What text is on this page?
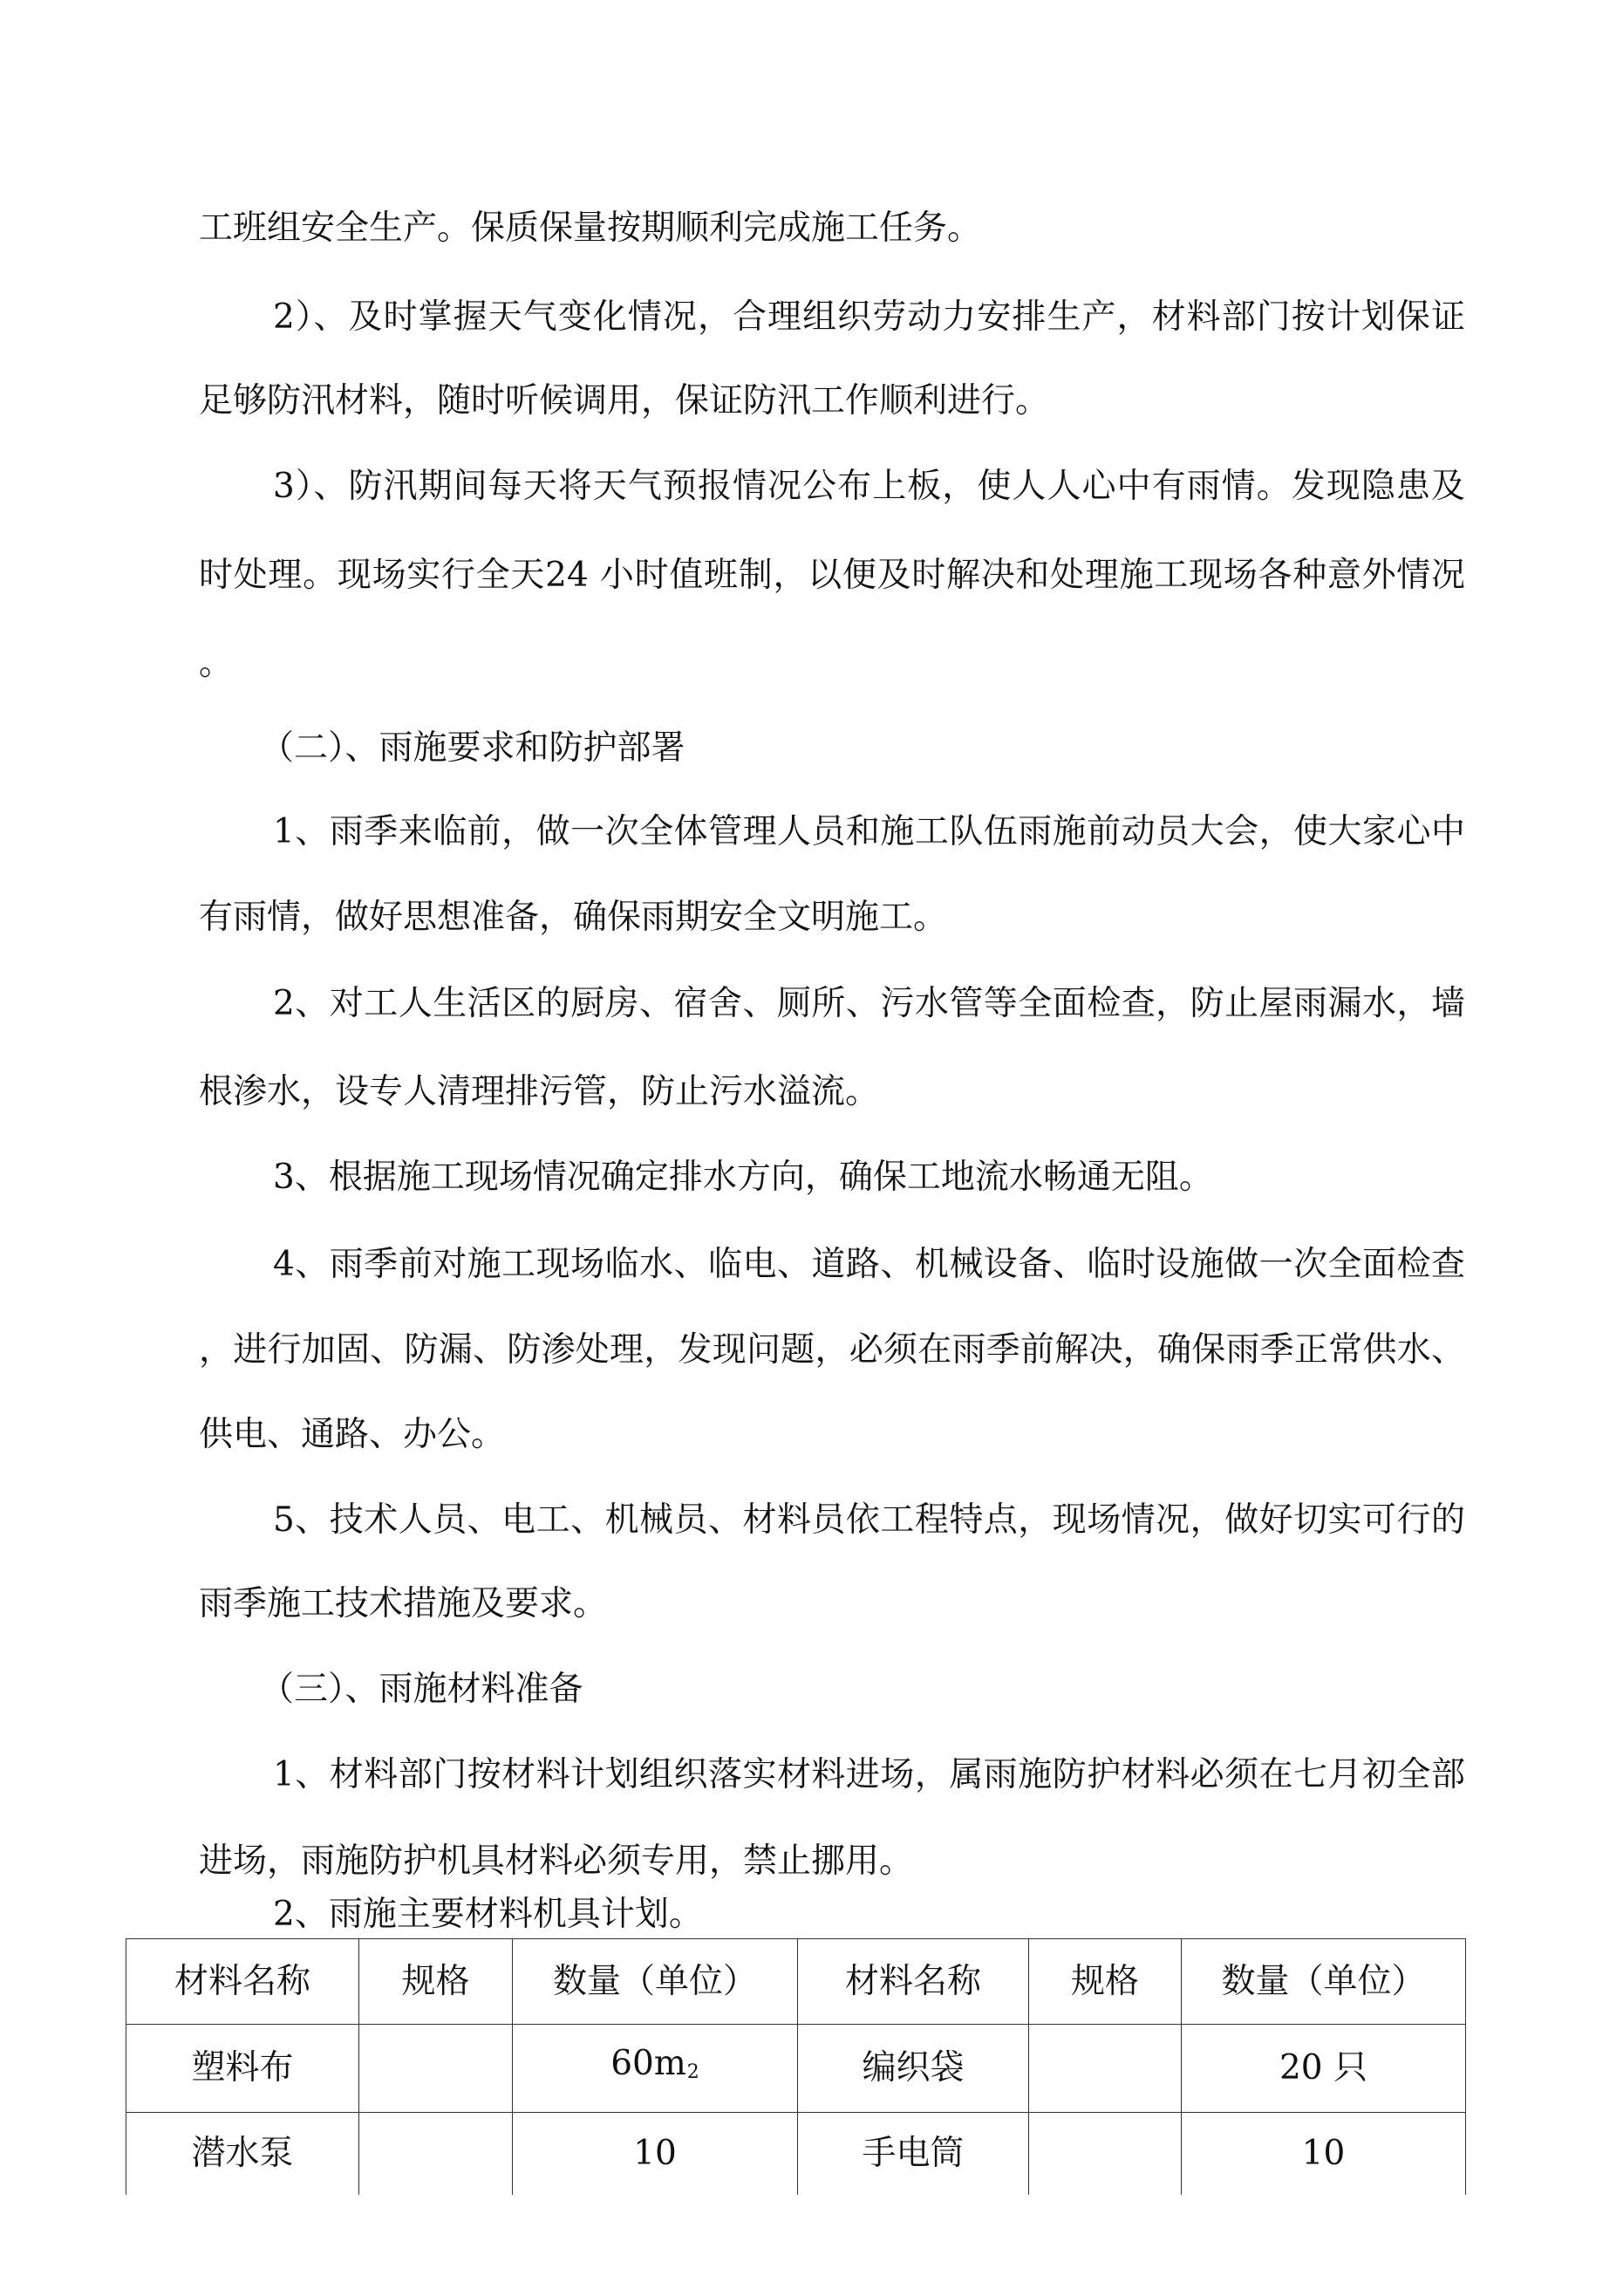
工班组安全生产。保质保量按期顺利完成施工任务。
2）、及时掌握天气变化情况，合理组织劳动力安排生产，材料部门按计划保证
足够防汛材料，随时听候调用，保证防汛工作顺利进行。
3）、防汛期间每天将天气预报情况公布上板，使人人心中有雨情。发现隐患及
时处理。现场实行全天24 小时值班制，以便及时解决和处理施工现场各种意外情况
。
（二）、雨施要求和防护部署
1、雨季来临前，做一次全体管理人员和施工队伍雨施前动员大会，使大家心中
有雨情，做好思想准备，确保雨期安全文明施工。
2、对工人生活区的厨房、宿舍、厕所、污水管等全面检查，防止屋雨漏水，墙
根渗水，设专人清理排污管，防止污水溢流。
3、根据施工现场情况确定排水方向，确保工地流水畅通无阻。
4、雨季前对施工现场临水、临电、道路、机械设备、临时设施做一次全面检查
，进行加固、防漏、防渗处理，发现问题，必须在雨季前解决，确保雨季正常供水、
供电、通路、办公。
5、技术人员、电工、机械员、材料员依工程特点，现场情况，做好切实可行的
雨季施工技术措施及要求。
（三）、雨施材料准备
1、材料部门按材料计划组织落实材料进场，属雨施防护材料必须在七月初全部
进场，雨施防护机具材料必须专用，禁止挪用。
2、雨施主要材料机具计划。
材料名称	规格	数量（单位）	材料名称	规格	数量（单位）
塑料布		60m2	编织袋		20 只
潜水泵		10	手电筒		10
